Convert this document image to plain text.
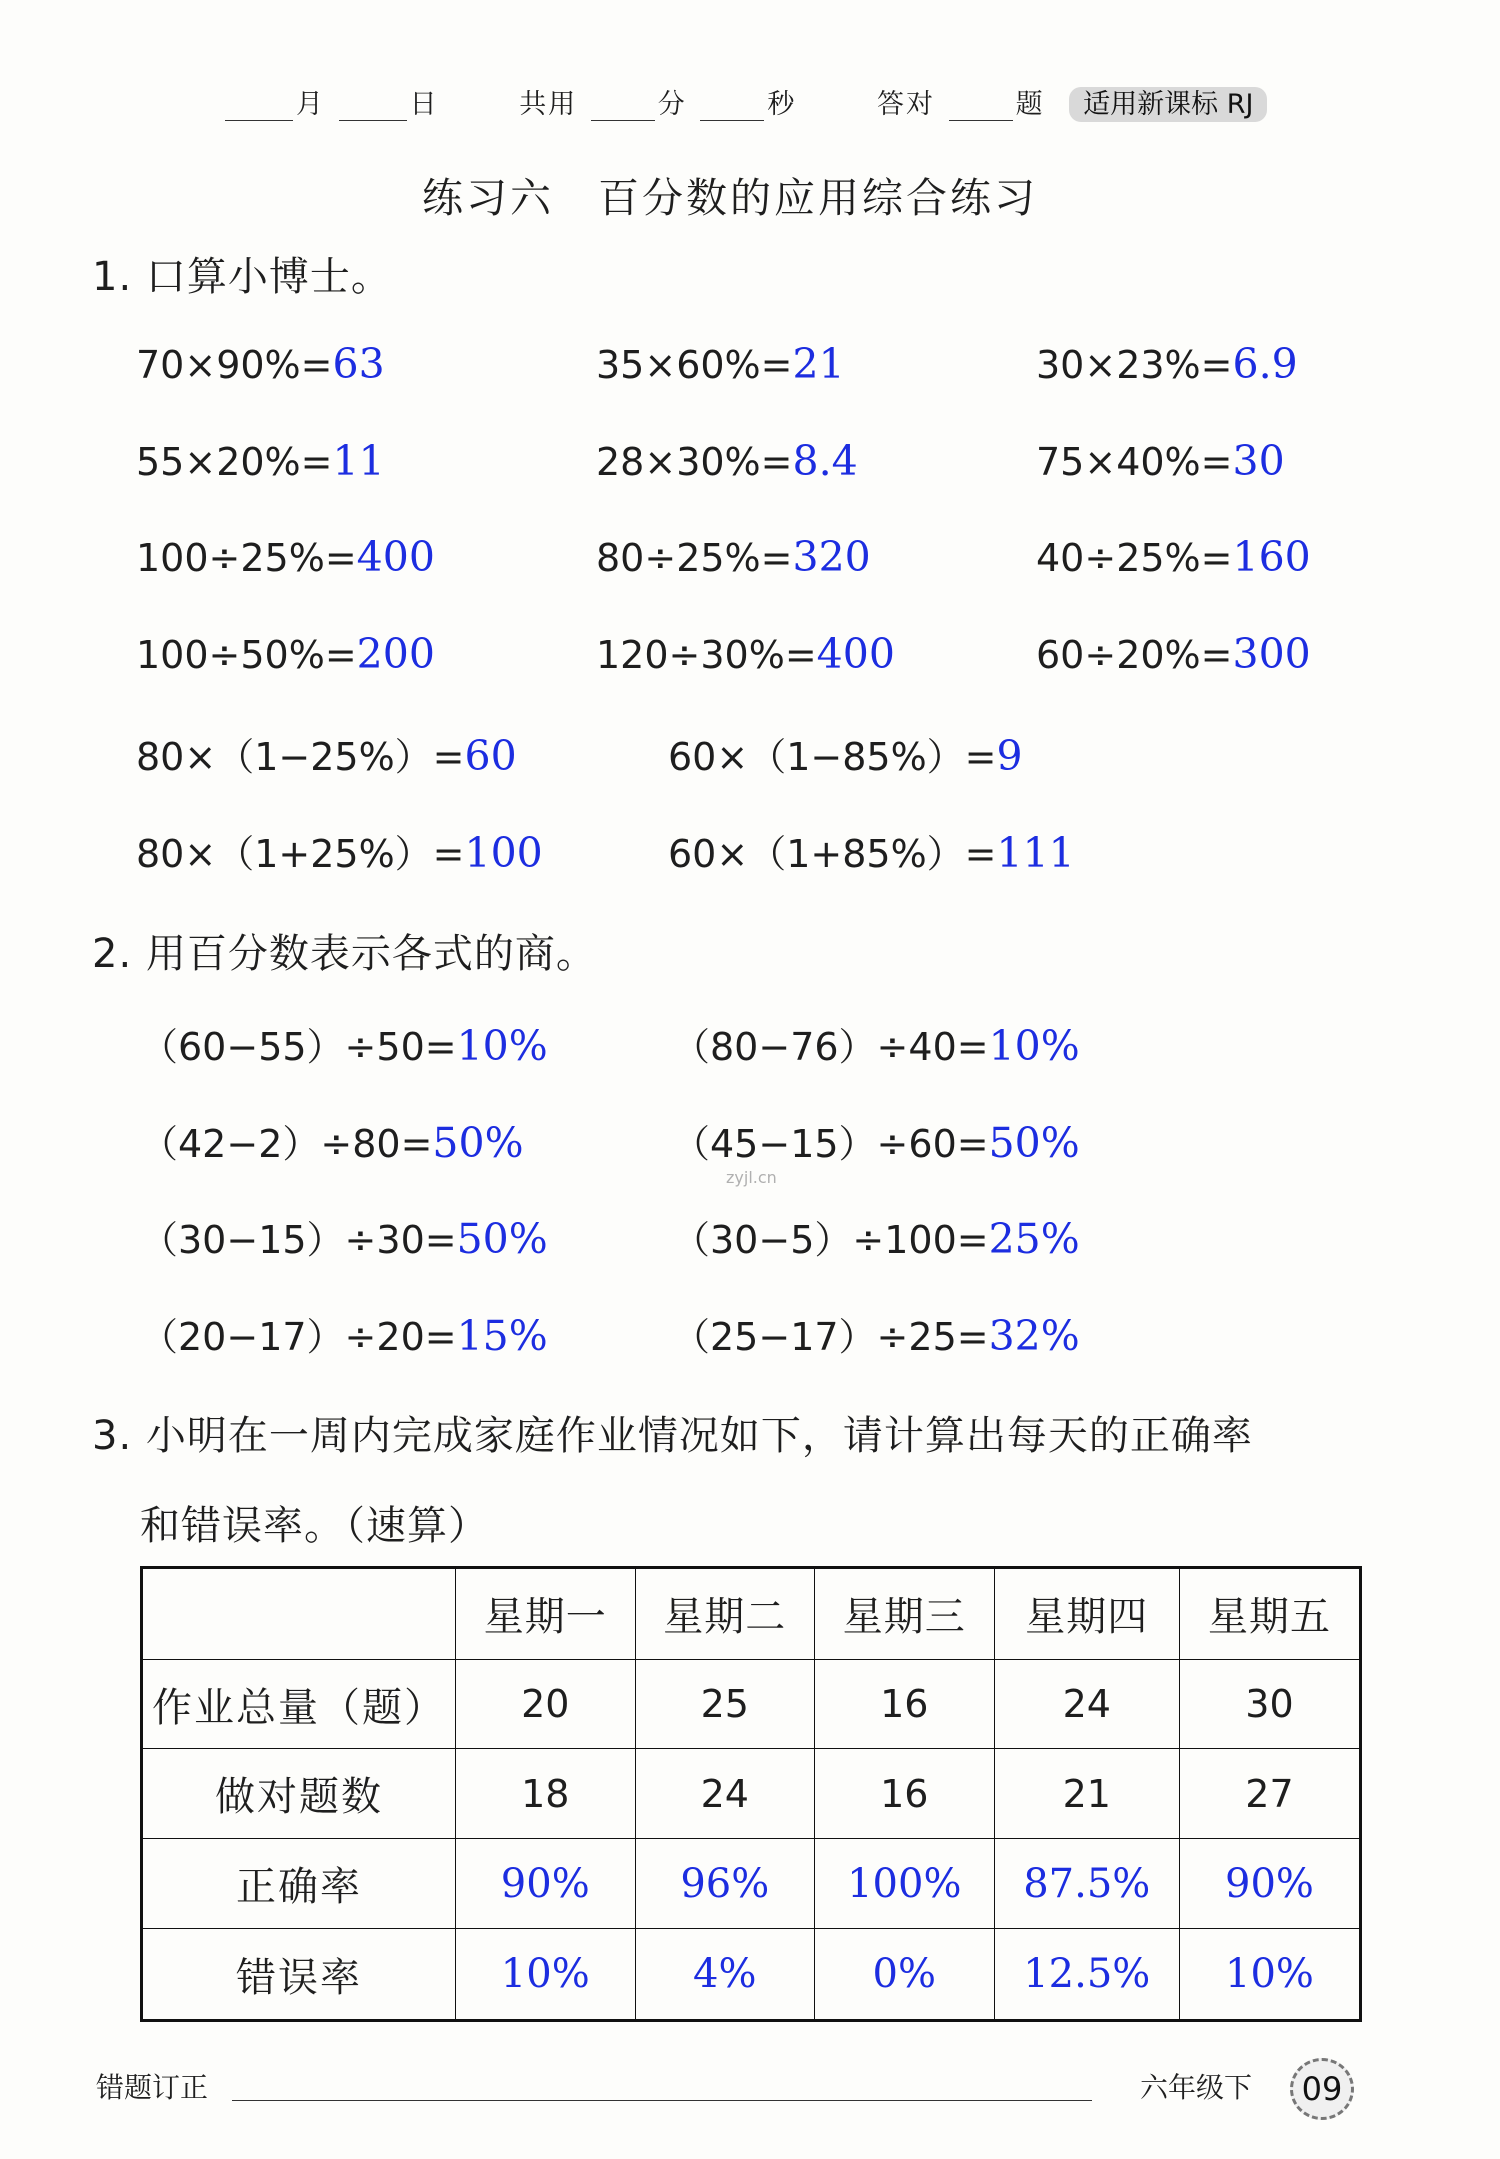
月	日	共用	分	秒	答对	题 适用新课标 RJ
练习六　百分数的应用综合练习
1. 口算小博士。
70×90%=63	35×60%=21	30×23%=6.9
55×20%=11	28×30%=8.4	75×40%=30
100÷25%=400	80÷25%=320	40÷25%=160
100÷50%=200	120÷30%=400	60÷20%=300
80×（1−25%）=60	60×（1−85%）=9
80×（1+25%）=100	60×（1+85%）=111
2. 用百分数表示各式的商。
（60−55）÷50=10%	（80−76）÷40=10%
（42−2）÷80=50%	（45−15）÷60=50%
（30−15）÷30=50%	（30−5）÷100=25%
（20−17）÷20=15%	（25−17）÷25=32%
3. 小明在一周内完成家庭作业情况如下，请计算出每天的正确率
和错误率。（速算）
	星期一	星期二	星期三	星期四	星期五
作业总量（题）	20	25	16	24	30
做对题数	18	24	16	21	27
正确率	90%	96%	100%	87.5%	90%
错误率	10%	4%	0%	12.5%	10%
zyjl.cn
错题订正	六年级下	09
